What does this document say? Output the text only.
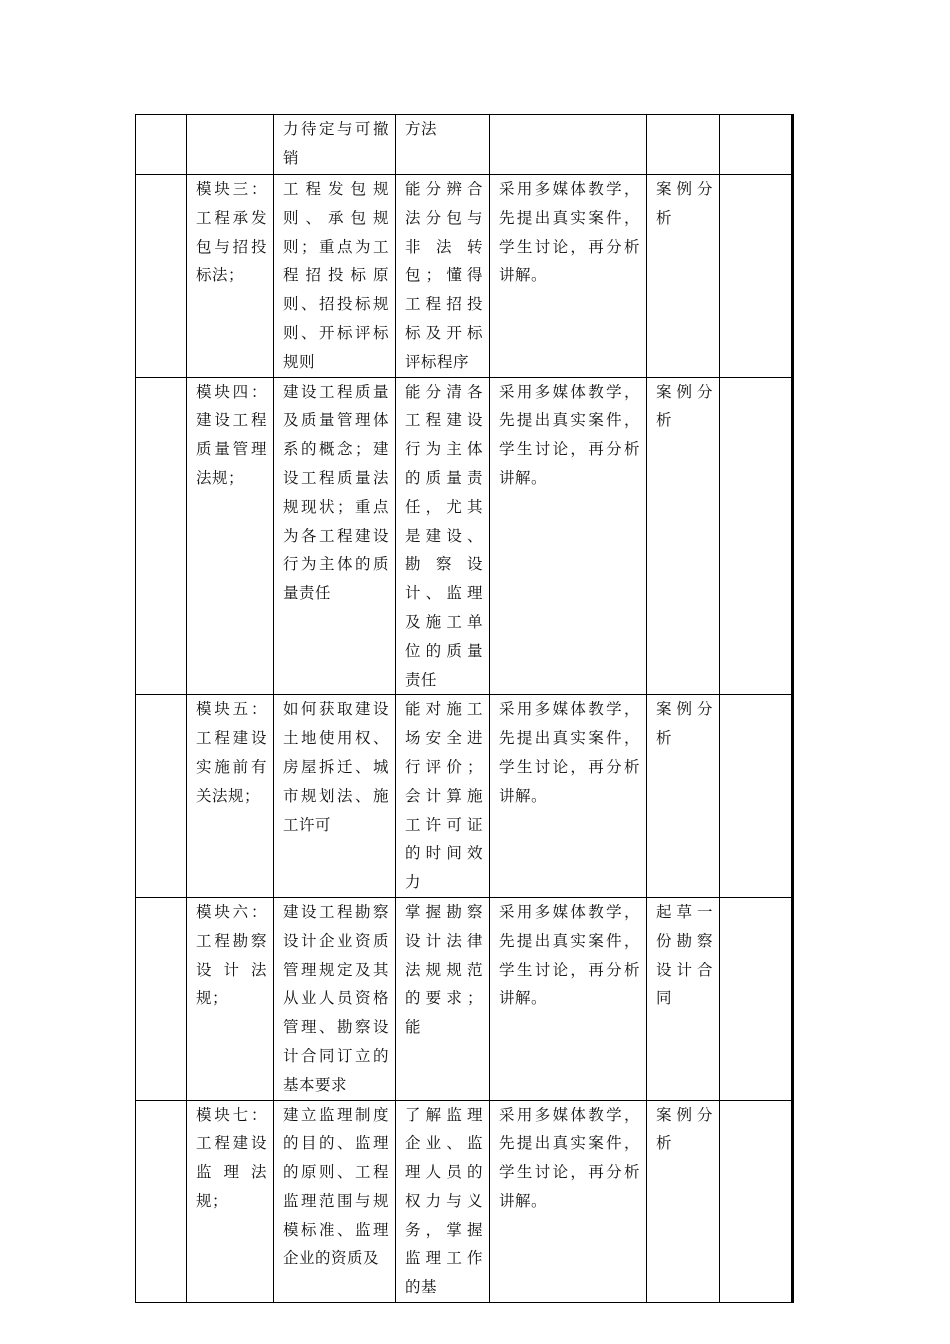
		力待定与可撤销	方法			

	模块三：工程承发包与招投标法；	工程发包规则、承包规则；重点为工程招投标原则、招投标规则、开标评标规则	能分辨合法分包与非法转包；懂得工程招投标及开标评标程序	采用多媒体教学，先提出真实案件，学生讨论，再分析讲解。	案例分析	

	模块四：建设工程质量管理法规；	建设工程质量及质量管理体系的概念；建设工程质量法规现状；重点为各工程建设行为主体的质量责任	能分清各工程建设行为主体的质量责任，尤其是建设、勘察设计、监理及施工单位的质量责任	采用多媒体教学，先提出真实案件，学生讨论，再分析讲解。	案例分析	

	模块五：工程建设实施前有关法规；	如何获取建设土地使用权、房屋拆迁、城市规划法、施工许可	能对施工场安全进行评价；会计算施工许可证的时间效力	采用多媒体教学，先提出真实案件，学生讨论，再分析讲解。	案例分析	

	模块六：工程勘察设计法规；	建设工程勘察设计企业资质管理规定及其从业人员资格管理、勘察设计合同订立的基本要求	掌握勘察设计法律法规规范的要求；能	采用多媒体教学，先提出真实案件，学生讨论，再分析讲解。	起草一份勘察设计合同	

	模块七：工程建设监理法规；	建立监理制度的目的、监理的原则、工程监理范围与规模标准、监理企业的资质及	了解监理企业、监理人员的权力与义务，掌握监理工作的基	采用多媒体教学，先提出真实案件，学生讨论，再分析讲解。	案例分析	
